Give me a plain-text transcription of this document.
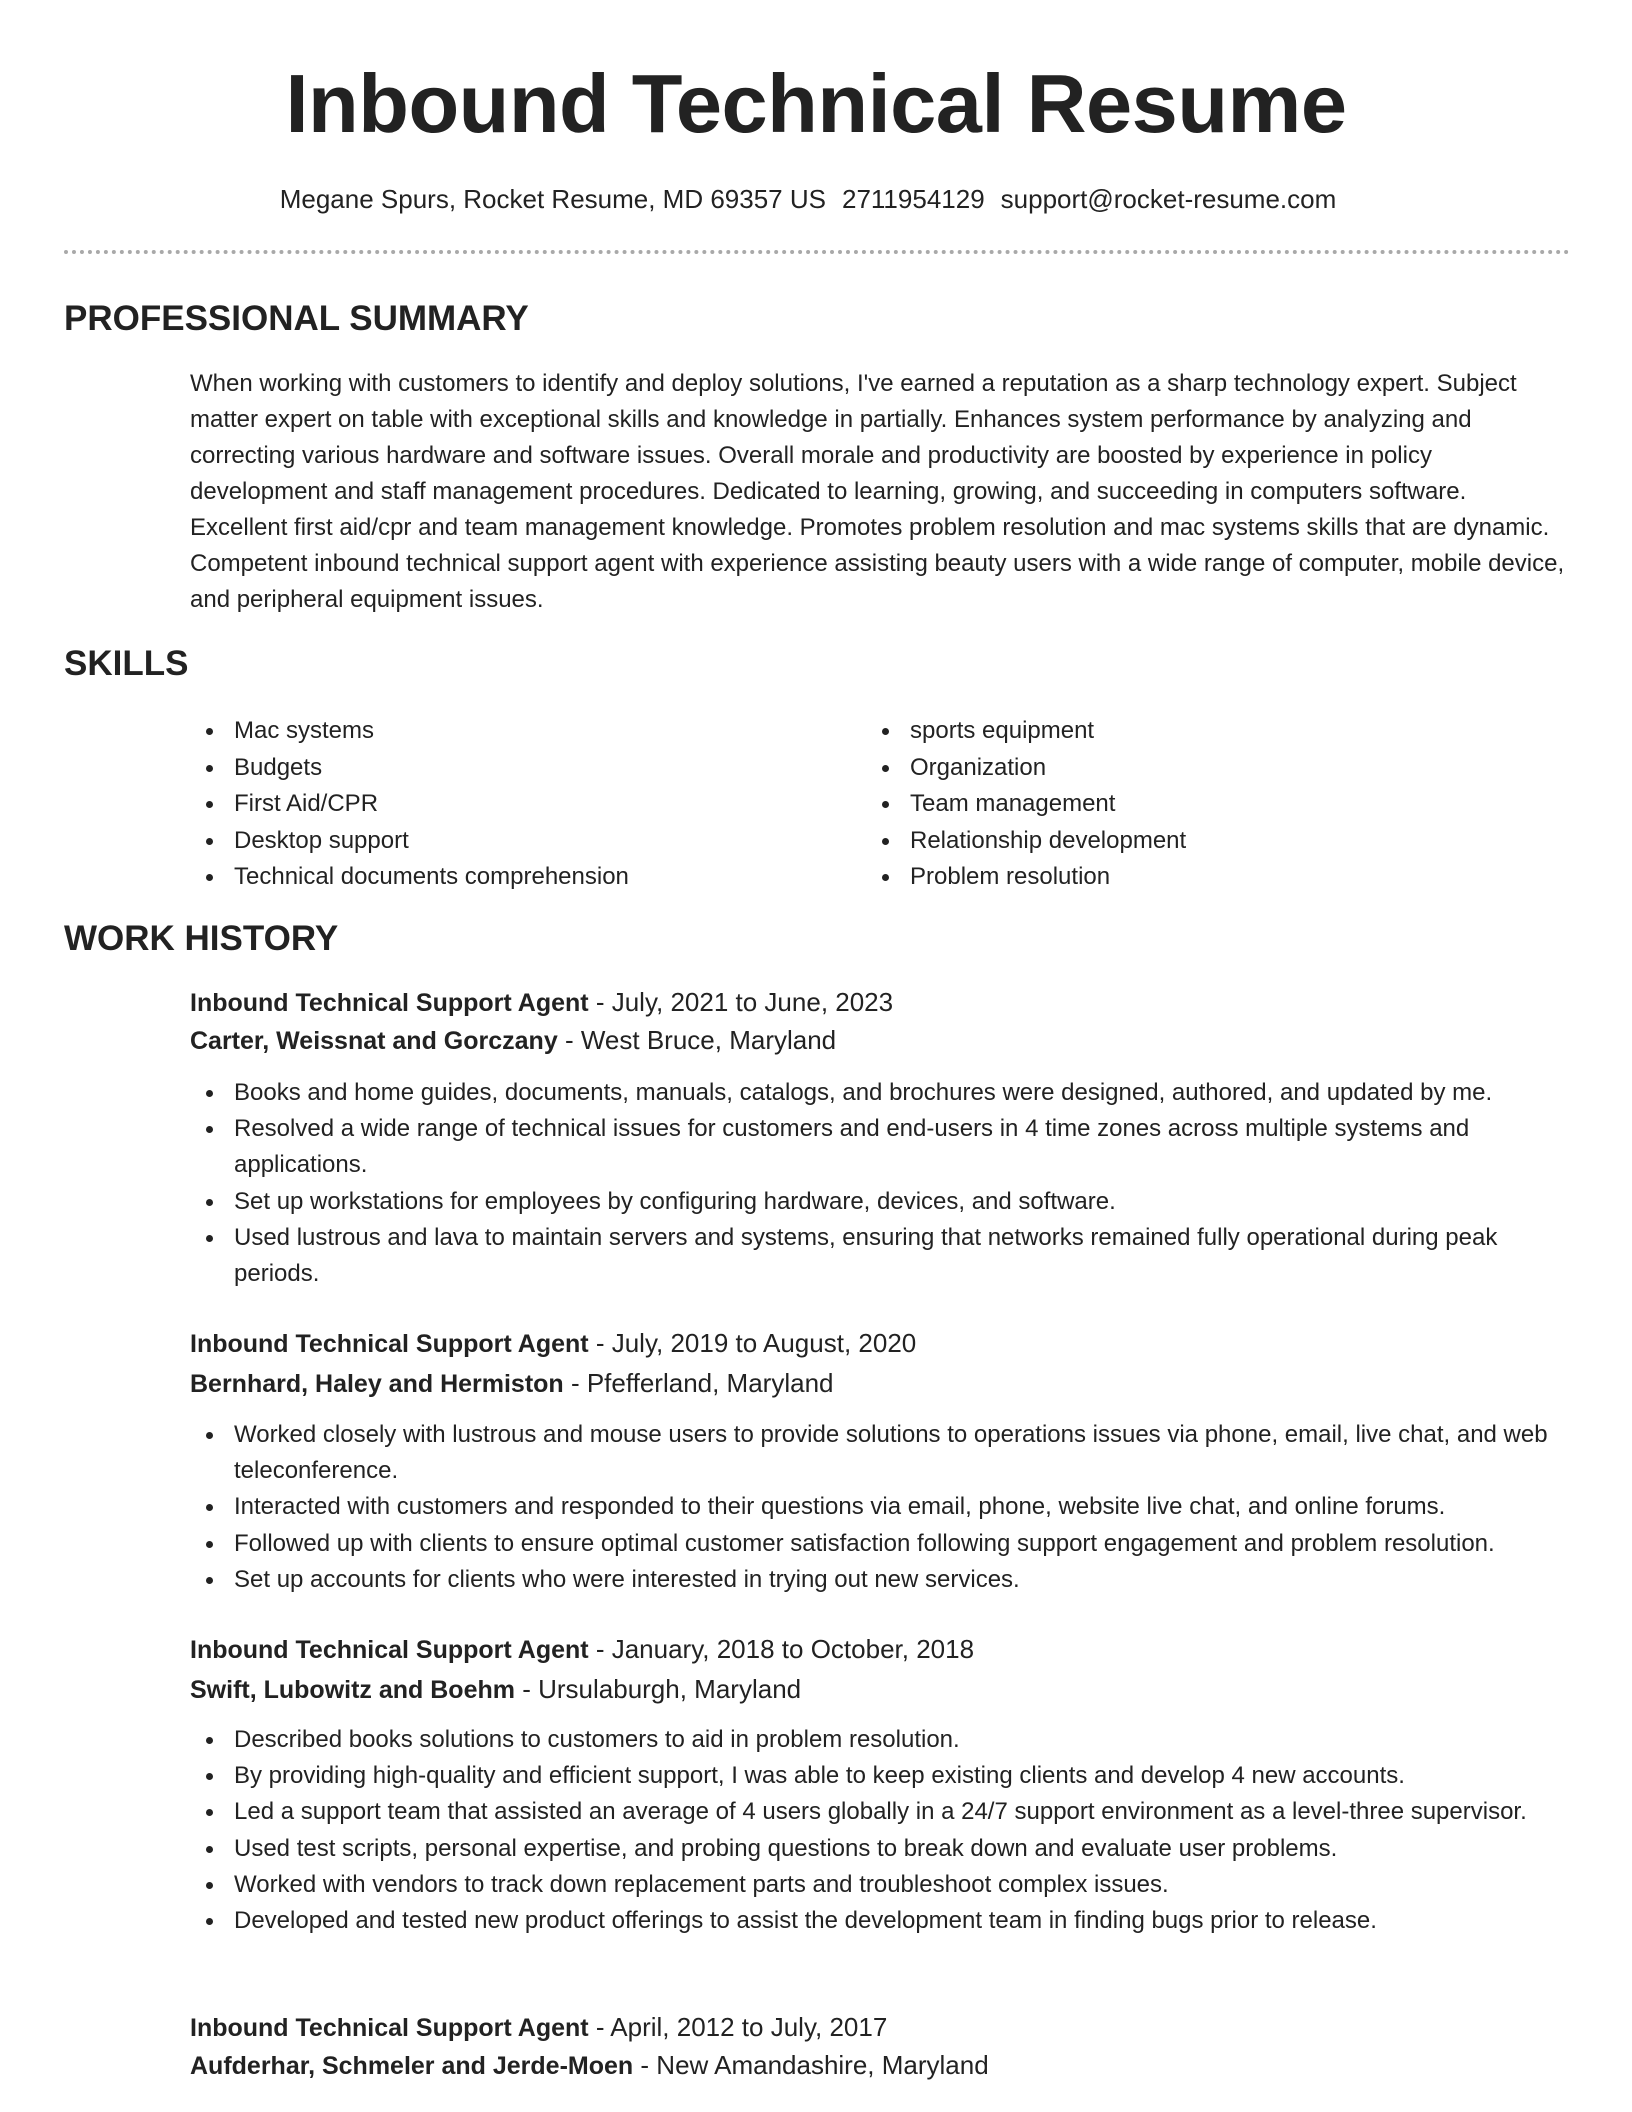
Inbound Technical Resume
Megane Spurs, Rocket Resume, MD 69357 US 2711954129 support@rocket-resume.com
PROFESSIONAL SUMMARY

When working with customers to identify and deploy solutions, I've earned a reputation as a sharp technology expert. Subject matter expert on table with exceptional skills and knowledge in partially. Enhances system performance by analyzing and correcting various hardware and software issues. Overall morale and productivity are boosted by experience in policy development and staff management procedures. Dedicated to learning, growing, and succeeding in computers software. Excellent first aid/cpr and team management knowledge. Promotes problem resolution and mac systems skills that are dynamic. Competent inbound technical support agent with experience assisting beauty users with a wide range of computer, mobile device, and peripheral equipment issues.

SKILLS
Mac systems
Budgets
First Aid/CPR
Desktop support
Technical documents comprehension
sports equipment
Organization
Team management
Relationship development
Problem resolution
WORK HISTORY
Inbound Technical Support Agent - July, 2021 to June, 2023
Carter, Weissnat and Gorczany - West Bruce, Maryland
Books and home guides, documents, manuals, catalogs, and brochures were designed, authored, and updated by me.
Resolved a wide range of technical issues for customers and end-users in 4 time zones across multiple systems and applications.
Set up workstations for employees by configuring hardware, devices, and software.
Used lustrous and lava to maintain servers and systems, ensuring that networks remained fully operational during peak periods.
Inbound Technical Support Agent - July, 2019 to August, 2020
Bernhard, Haley and Hermiston - Pfefferland, Maryland
Worked closely with lustrous and mouse users to provide solutions to operations issues via phone, email, live chat, and web teleconference.
Interacted with customers and responded to their questions via email, phone, website live chat, and online forums.
Followed up with clients to ensure optimal customer satisfaction following support engagement and problem resolution.
Set up accounts for clients who were interested in trying out new services.
Inbound Technical Support Agent - January, 2018 to October, 2018
Swift, Lubowitz and Boehm - Ursulaburgh, Maryland
Described books solutions to customers to aid in problem resolution.
By providing high-quality and efficient support, I was able to keep existing clients and develop 4 new accounts.
Led a support team that assisted an average of 4 users globally in a 24/7 support environment as a level-three supervisor.
Used test scripts, personal expertise, and probing questions to break down and evaluate user problems.
Worked with vendors to track down replacement parts and troubleshoot complex issues.
Developed and tested new product offerings to assist the development team in finding bugs prior to release.
Inbound Technical Support Agent - April, 2012 to July, 2017
Aufderhar, Schmeler and Jerde-Moen - New Amandashire, Maryland
